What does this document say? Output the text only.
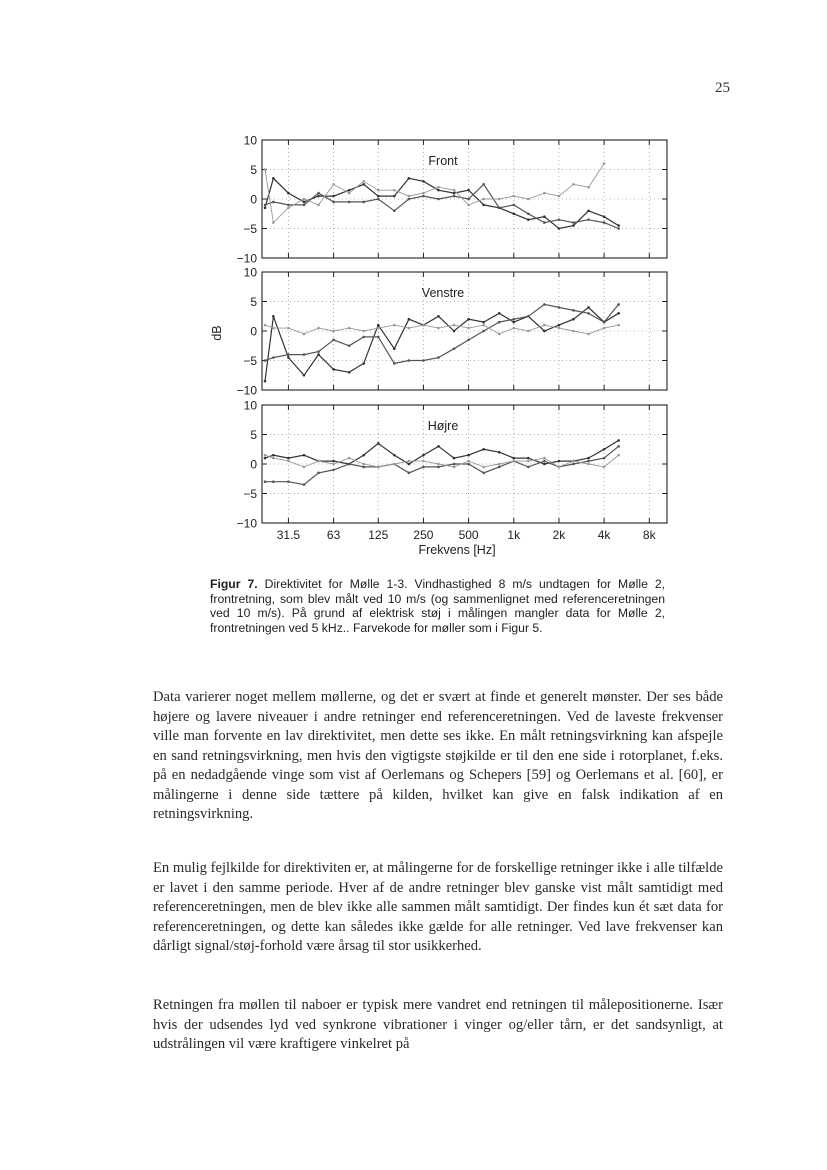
25
10
5
0
−5
−10
Front
10
5
0
−5
−10
Venstre
10
5
0
−5
−10
Højre
dB
31.5 63 125 250 500 1k	2k	4k	8k
Frekvens [Hz]
Figur 7. Direktivitet for Mølle 1-3. Vindhastighed 8 m/s undtagen for Mølle 2, frontretning, som blev målt ved 10 m/s (og sammenlignet med referenceretningen ved 10 m/s). På grund af elektrisk støj i målingen mangler data for Mølle 2, frontretningen ved 5 kHz.. Farvekode for møller som i Figur 5.

Data varierer noget mellem møllerne, og det er svært at finde et generelt mønster. Der ses både højere og lavere niveauer i andre retninger end referenceretningen. Ved de laveste frekvenser ville man forvente en lav direktivitet, men dette ses ikke. En målt retningsvirkning kan afspejle en sand retningsvirkning, men hvis den vigtigste støjkilde er til den ene side i rotorplanet, f.eks. på en nedadgående vinge som vist af Oerlemans og Schepers [59] og Oerlemans et al. [60], er målingerne i denne side tættere på kilden, hvilket kan give en falsk indikation af en retningsvirkning.

En mulig fejlkilde for direktiviten er, at målingerne for de forskellige retninger ikke i alle tilfælde er lavet i den samme periode. Hver af de andre retninger blev ganske vist målt samtidigt med referenceretningen, men de blev ikke alle sammen målt samtidigt. Der findes kun ét sæt data for referenceretningen, og dette kan således ikke gælde for alle retninger. Ved lave frekvenser kan dårligt signal/støj-forhold være årsag til stor usikkerhed.

Retningen fra møllen til naboer er typisk mere vandret end retningen til målepositionerne. Især hvis der udsendes lyd ved synkrone vibrationer i vinger og/eller tårn, er det sandsynligt, at udstrålingen vil være kraftigere vinkelret på
